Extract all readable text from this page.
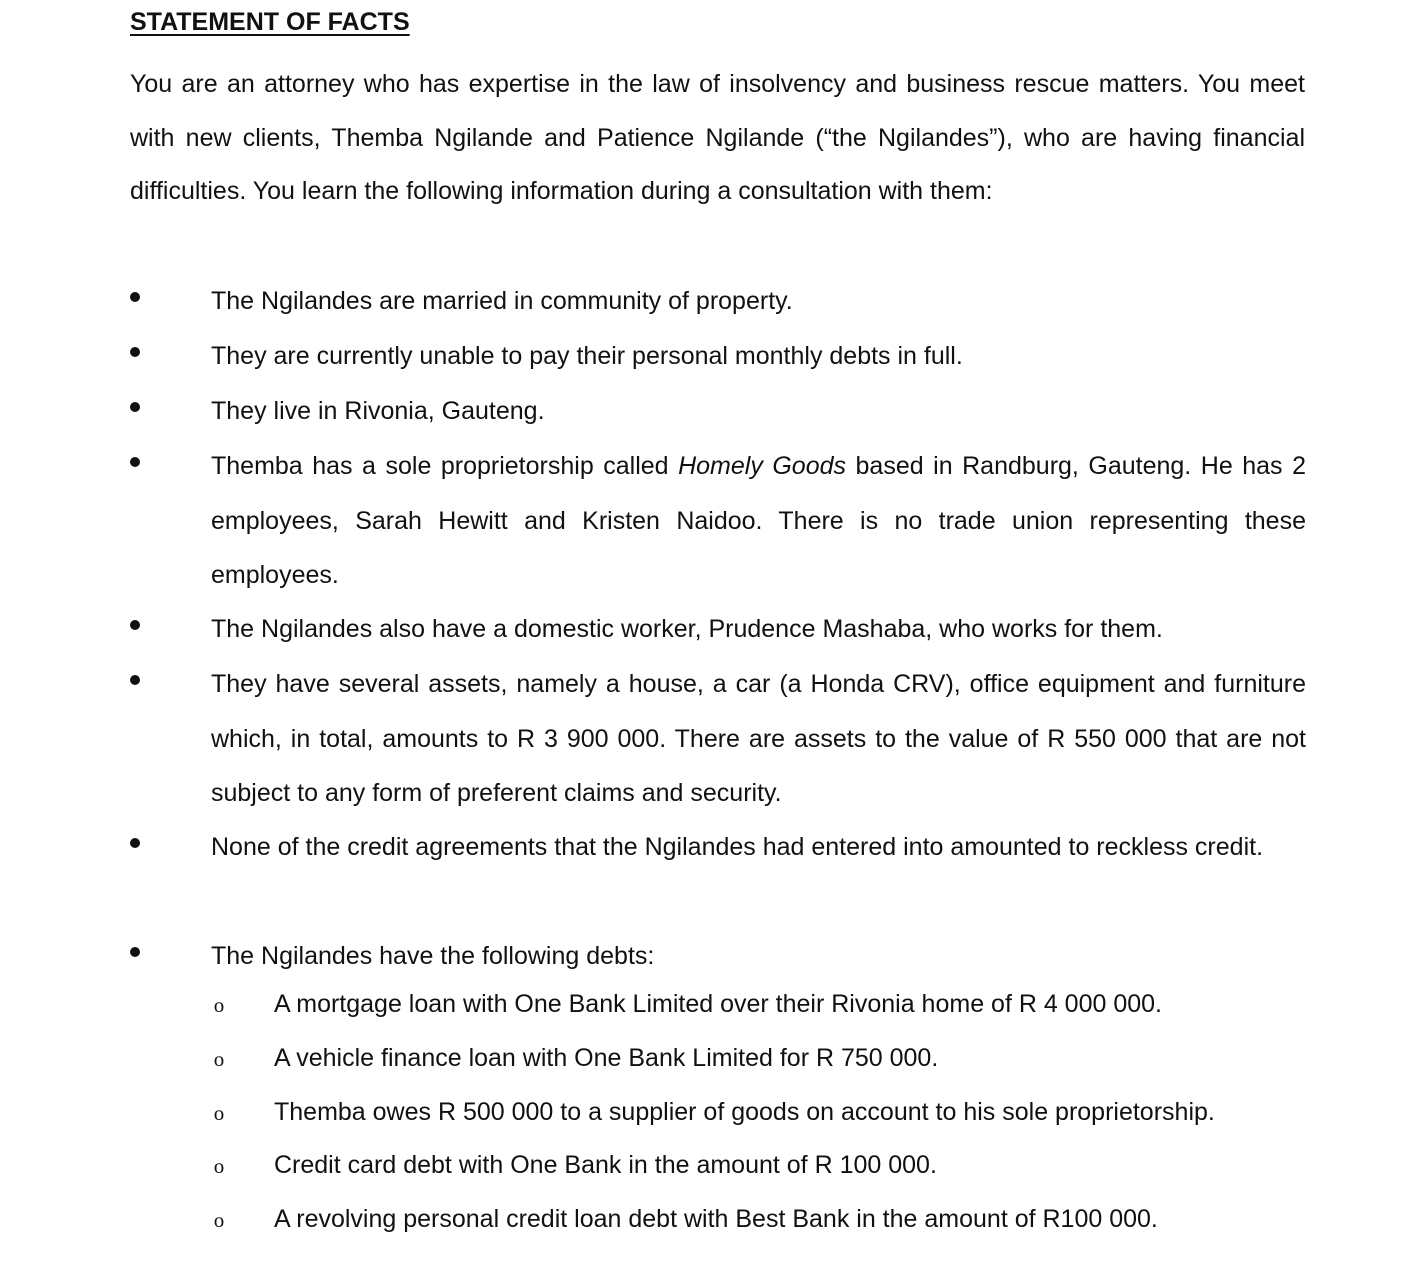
STATEMENT OF FACTS
You are an attorney who has expertise in the law of insolvency and business rescue matters. You meet with new clients, Themba Ngilande and Patience Ngilande (“the Ngilandes”), who are having financial difficulties. You learn the following information during a consultation with them:
The Ngilandes are married in community of property.
They are currently unable to pay their personal monthly debts in full.
They live in Rivonia, Gauteng.
Themba has a sole proprietorship called Homely Goods based in Randburg, Gauteng. He has 2 employees, Sarah Hewitt and Kristen Naidoo. There is no trade union representing these employees.
The Ngilandes also have a domestic worker, Prudence Mashaba, who works for them.
They have several assets, namely a house, a car (a Honda CRV), office equipment and furniture which, in total, amounts to R 3 900 000. There are assets to the value of R 550 000 that are not subject to any form of preferent claims and security.
None of the credit agreements that the Ngilandes had entered into amounted to reckless credit.
The Ngilandes have the following debts:
o A mortgage loan with One Bank Limited over their Rivonia home of R 4 000 000.
o A vehicle finance loan with One Bank Limited for R 750 000.
o Themba owes R 500 000 to a supplier of goods on account to his sole proprietorship.
o Credit card debt with One Bank in the amount of R 100 000.
o A revolving personal credit loan debt with Best Bank in the amount of R100 000.
